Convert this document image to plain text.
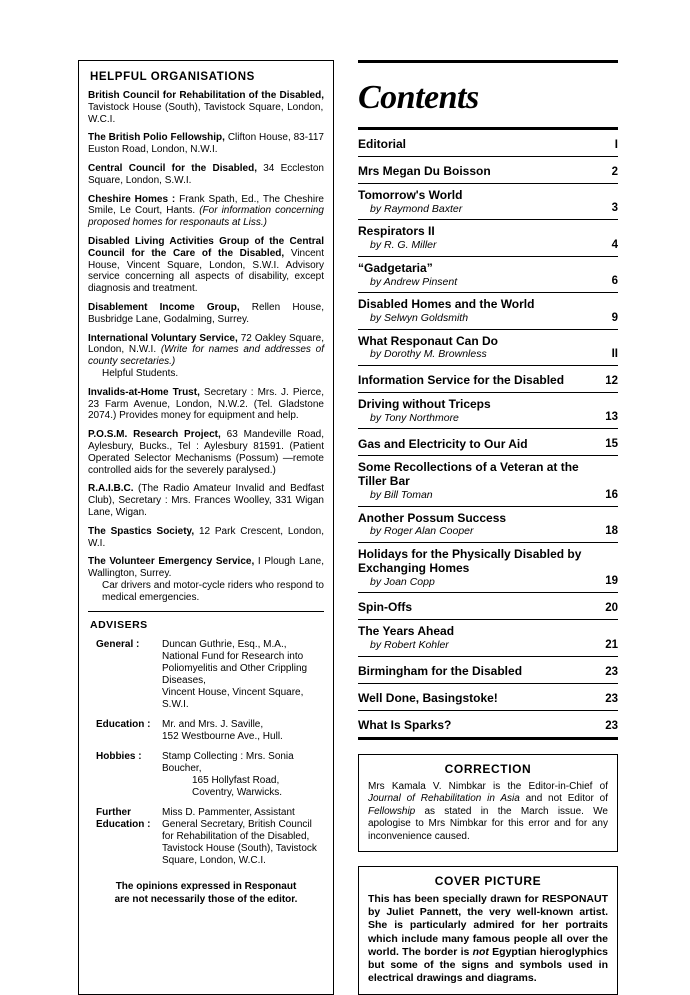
HELPFUL ORGANISATIONS
British Council for Rehabilitation of the Disabled, Tavistock House (South), Tavistock Square, London, W.C.I.
The British Polio Fellowship, Clifton House, 83-117 Euston Road, London, N.W.I.
Central Council for the Disabled, 34 Eccleston Square, London, S.W.I.
Cheshire Homes : Frank Spath, Ed., The Cheshire Smile, Le Court, Hants. (For information concerning proposed homes for responauts at Liss.)
Disabled Living Activities Group of the Central Council for the Care of the Disabled, Vincent House, Vincent Square, London, S.W.I. Advisory service concerning all aspects of disability, except diagnosis and treatment.
Disablement Income Group, Rellen House, Busbridge Lane, Godalming, Surrey.
International Voluntary Service, 72 Oakley Square, London, N.W.I. (Write for names and addresses of county secretaries.)
Helpful Students.
Invalids-at-Home Trust, Secretary : Mrs. J. Pierce, 23 Farm Avenue, London, N.W.2. (Tel. Gladstone 2074.) Provides money for equipment and help.
P.O.S.M. Research Project, 63 Mandeville Road, Aylesbury, Bucks., Tel : Aylesbury 81591. (Patient Operated Selector Mechanisms (Possum) —remote controlled aids for the severely paralysed.)
R.A.I.B.C. (The Radio Amateur Invalid and Bedfast Club), Secretary : Mrs. Frances Woolley, 331 Wigan Lane, Wigan.
The Spastics Society, 12 Park Crescent, London, W.I.
The Volunteer Emergency Service, I Plough Lane, Wallington, Surrey.
Car drivers and motor-cycle riders who respond to medical emergencies.
ADVISERS
General :	Duncan Guthrie, Esq., M.A.,
National Fund for Research into
Poliomyelitis and Other Crippling
Diseases,
Vincent House, Vincent Square, S.W.I.
Education :	Mr. and Mrs. J. Saville,
152 Westbourne Ave., Hull.
Hobbies :	Stamp Collecting : Mrs. Sonia Boucher,
165 Hollyfast Road,
Coventry, Warwicks.
Further Education :
Miss D. Pammenter, Assistant
General Secretary, British Council
for Rehabilitation of the Disabled,
Tavistock House (South), Tavistock
Square, London, W.C.I.
The opinions expressed in Responaut
are not necessarily those of the editor.
Contents
Editorial	I
Mrs Megan Du Boisson	2
Tomorrow's World
by Raymond Baxter	3
Respirators II
by R. G. Miller	4
“Gadgetaria”
by Andrew Pinsent	6
Disabled Homes and the World
by Selwyn Goldsmith	9
What Responaut Can Do
by Dorothy M. Brownless	II
Information Service for the Disabled	12
Driving without Triceps
by Tony Northmore	13
Gas and Electricity to Our Aid	15
Some Recollections of a Veteran at the Tiller Bar
by Bill Toman	16
Another Possum Success
by Roger Alan Cooper	18
Holidays for the Physically Disabled by Exchanging Homes
by Joan Copp	19
Spin-Offs	20
The Years Ahead
by Robert Kohler	21
Birmingham for the Disabled	23
Well Done, Basingstoke!	23
What Is Sparks?	23
CORRECTION
Mrs Kamala V. Nimbkar is the Editor-in-Chief of Journal of Rehabilitation in Asia and not Editor of Fellowship as stated in the March issue. We apologise to Mrs Nimbkar for this error and for any inconvenience caused.
COVER PICTURE
This has been specially drawn for RESPONAUT by Juliet Pannett, the very well-known artist. She is particularly admired for her portraits which include many famous people all over the world. The border is not Egyptian hieroglyphics but some of the signs and symbols used in electrical drawings and diagrams.
